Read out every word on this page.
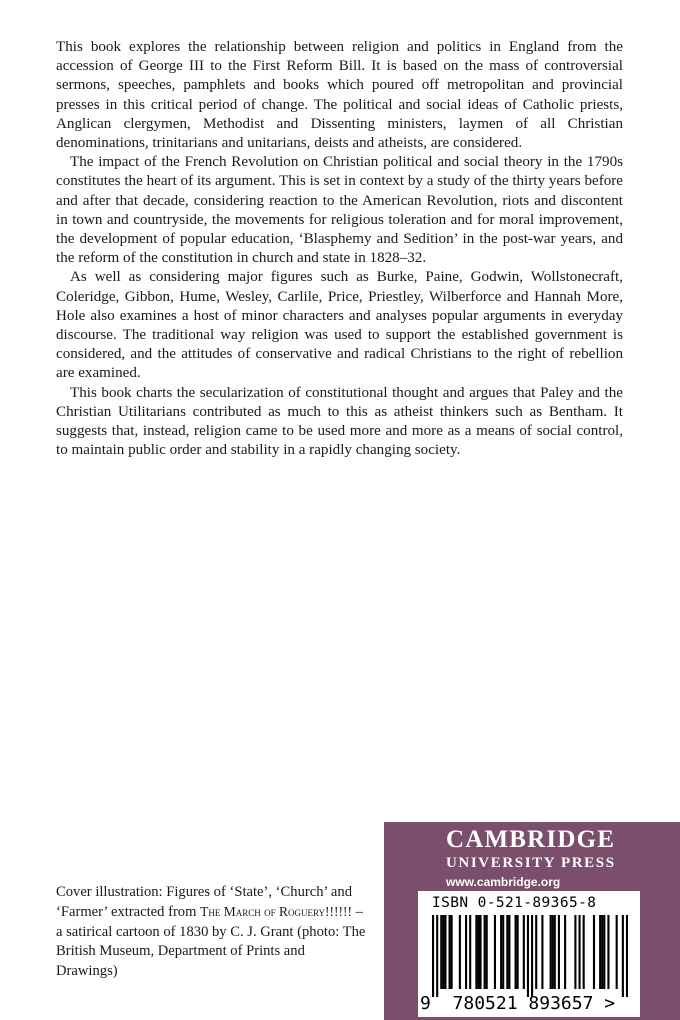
This book explores the relationship between religion and politics in England from the accession of George III to the First Reform Bill. It is based on the mass of controversial sermons, speeches, pamphlets and books which poured off metropolitan and provincial presses in this critical period of change. The political and social ideas of Catholic priests, Anglican clergymen, Methodist and Dissenting ministers, laymen of all Christian denominations, trinitarians and unitarians, deists and atheists, are considered.

The impact of the French Revolution on Christian political and social theory in the 1790s constitutes the heart of its argument. This is set in context by a study of the thirty years before and after that decade, considering reaction to the American Revolution, riots and discontent in town and countryside, the movements for religious toleration and for moral improvement, the development of popular education, ‘Blasphemy and Sedition’ in the post-war years, and the reform of the constitution in church and state in 1828–32.

As well as considering major figures such as Burke, Paine, Godwin, Wollstonecraft, Coleridge, Gibbon, Hume, Wesley, Carlile, Price, Priestley, Wilberforce and Hannah More, Hole also examines a host of minor characters and analyses popular arguments in everyday discourse. The traditional way religion was used to support the established government is considered, and the attitudes of conservative and radical Christians to the right of rebellion are examined.

This book charts the secularization of constitutional thought and argues that Paley and the Christian Utilitarians contributed as much to this as atheist thinkers such as Bentham. It suggests that, instead, religion came to be used more and more as a means of social control, to maintain public order and stability in a rapidly changing society.

Cover illustration: Figures of ‘State’, ‘Church’ and ‘Farmer’ extracted from The March of Roguery!!!!!! – a satirical cartoon of 1830 by C. J. Grant (photo: The British Museum, Department of Prints and Drawings)
CAMBRIDGE
UNIVERSITY PRESS
www.cambridge.org
ISBN 0-521-89365-8
9 780521 893657 >
